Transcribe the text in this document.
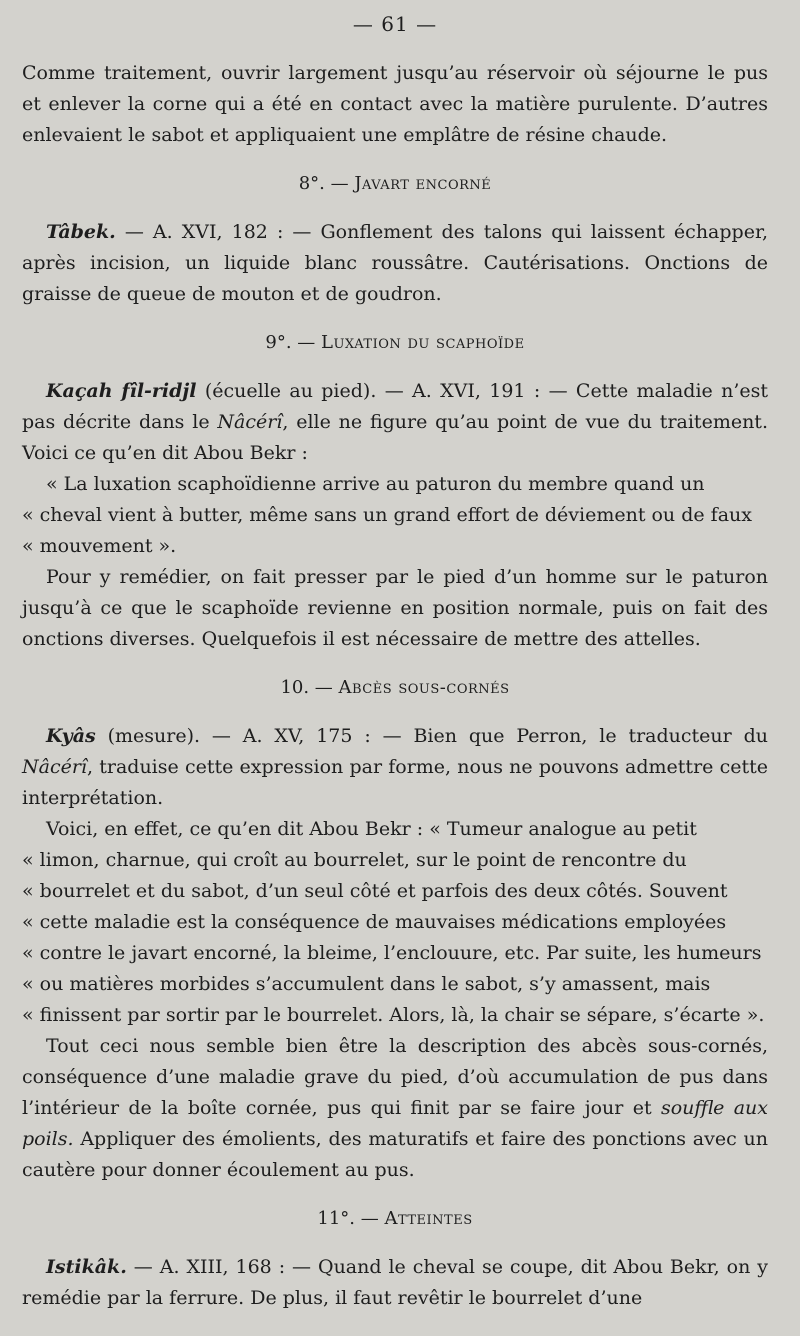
— 61 —

Comme traitement, ouvrir largement jusqu’au réservoir où séjourne le pus et enlever la corne qui a été en contact avec la matière purulente. D’autres enlevaient le sabot et appliquaient une emplâtre de résine chaude.

8°. — Javart encorné

Tâbek. — A. XVI, 182 : — Gonflement des talons qui laissent échapper, après incision, un liquide blanc roussâtre. Cautérisations. Onctions de graisse de queue de mouton et de goudron.

9°. — Luxation du scaphoïde

Kaçah fîl-ridjl (écuelle au pied). — A. XVI, 191 : — Cette maladie n’est pas décrite dans le Nâcérî, elle ne figure qu’au point de vue du traitement. Voici ce qu’en dit Abou Bekr :

« La luxation scaphoïdienne arrive au paturon du membre quand un

« cheval vient à butter, même sans un grand effort de déviement ou de faux

« mouvement ».

Pour y remédier, on fait presser par le pied d’un homme sur le paturon jusqu’à ce que le scaphoïde revienne en position normale, puis on fait des onctions diverses. Quelquefois il est nécessaire de mettre des attelles.

10. — Abcès sous-cornés

Kyâs (mesure). — A. XV, 175 : — Bien que Perron, le traducteur du Nâcérî, traduise cette expression par forme, nous ne pouvons admettre cette interprétation.

Voici, en effet, ce qu’en dit Abou Bekr : « Tumeur analogue au petit

« limon, charnue, qui croît au bourrelet, sur le point de rencontre du

« bourrelet et du sabot, d’un seul côté et parfois des deux côtés. Souvent

« cette maladie est la conséquence de mauvaises médications employées

« contre le javart encorné, la bleime, l’enclouure, etc. Par suite, les humeurs

« ou matières morbides s’accumulent dans le sabot, s’y amassent, mais

« finissent par sortir par le bourrelet. Alors, là, la chair se sépare, s’écarte ».

Tout ceci nous semble bien être la description des abcès sous-cornés, conséquence d’une maladie grave du pied, d’où accumulation de pus dans l’intérieur de la boîte cornée, pus qui finit par se faire jour et souffle aux poils. Appliquer des émolients, des maturatifs et faire des ponctions avec un cautère pour donner écoulement au pus.

11°. — Atteintes

Istikâk. — A. XIII, 168 : — Quand le cheval se coupe, dit Abou Bekr, on y remédie par la ferrure. De plus, il faut revêtir le bourrelet d’une
